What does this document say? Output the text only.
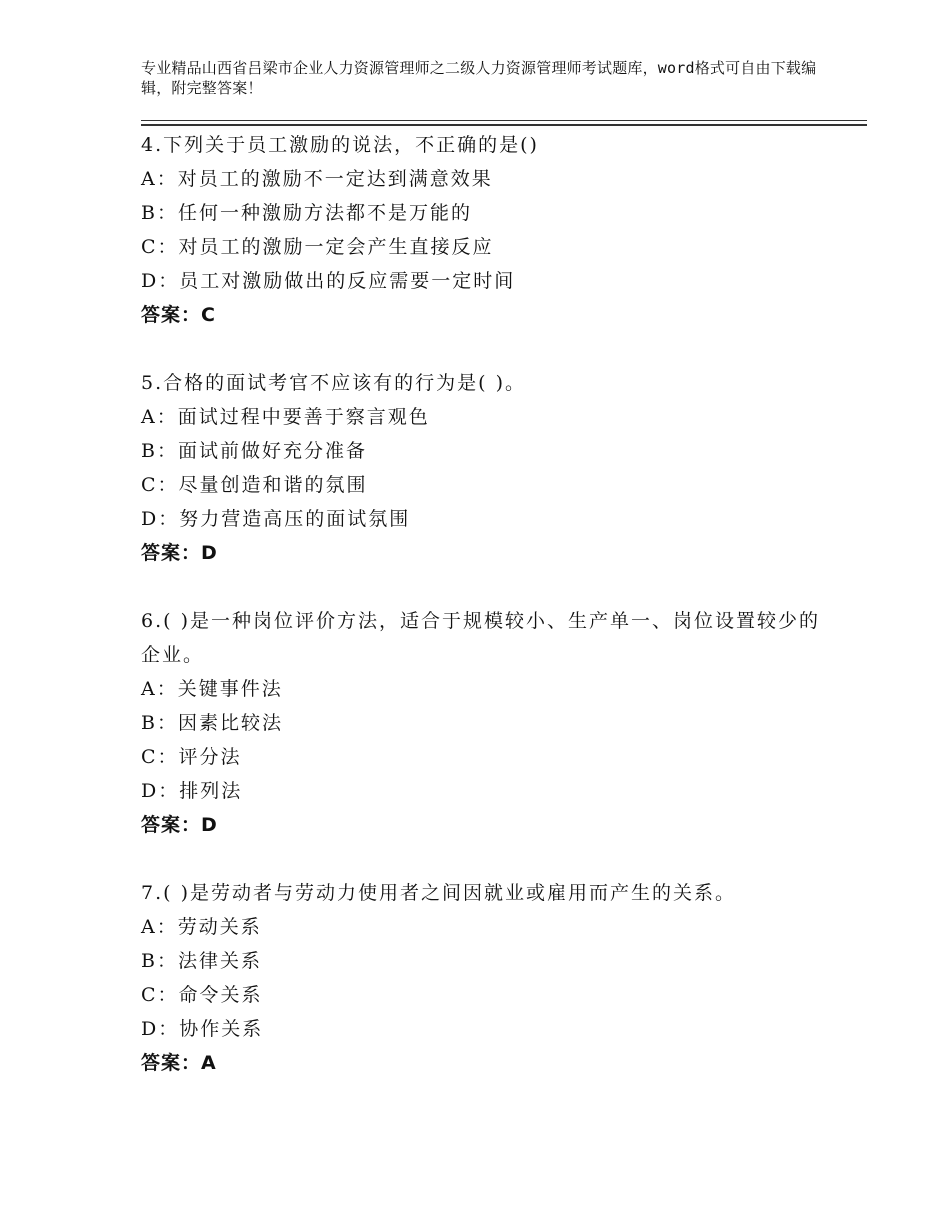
专业精品山西省吕梁市企业人力资源管理师之二级人力资源管理师考试题库，word格式可自由下载编辑，附完整答案！
4.下列关于员工激励的说法，不正确的是()
A：对员工的激励不一定达到满意效果
B：任何一种激励方法都不是万能的
C：对员工的激励一定会产生直接反应
D：员工对激励做出的反应需要一定时间
答案：C
5.合格的面试考官不应该有的行为是( )。
A：面试过程中要善于察言观色
B：面试前做好充分准备
C：尽量创造和谐的氛围
D：努力营造高压的面试氛围
答案：D
6.( )是一种岗位评价方法，适合于规模较小、生产单一、岗位设置较少的企业。
A：关键事件法
B：因素比较法
C：评分法
D：排列法
答案：D
7.( )是劳动者与劳动力使用者之间因就业或雇用而产生的关系。
A：劳动关系
B：法律关系
C：命令关系
D：协作关系
答案：A
